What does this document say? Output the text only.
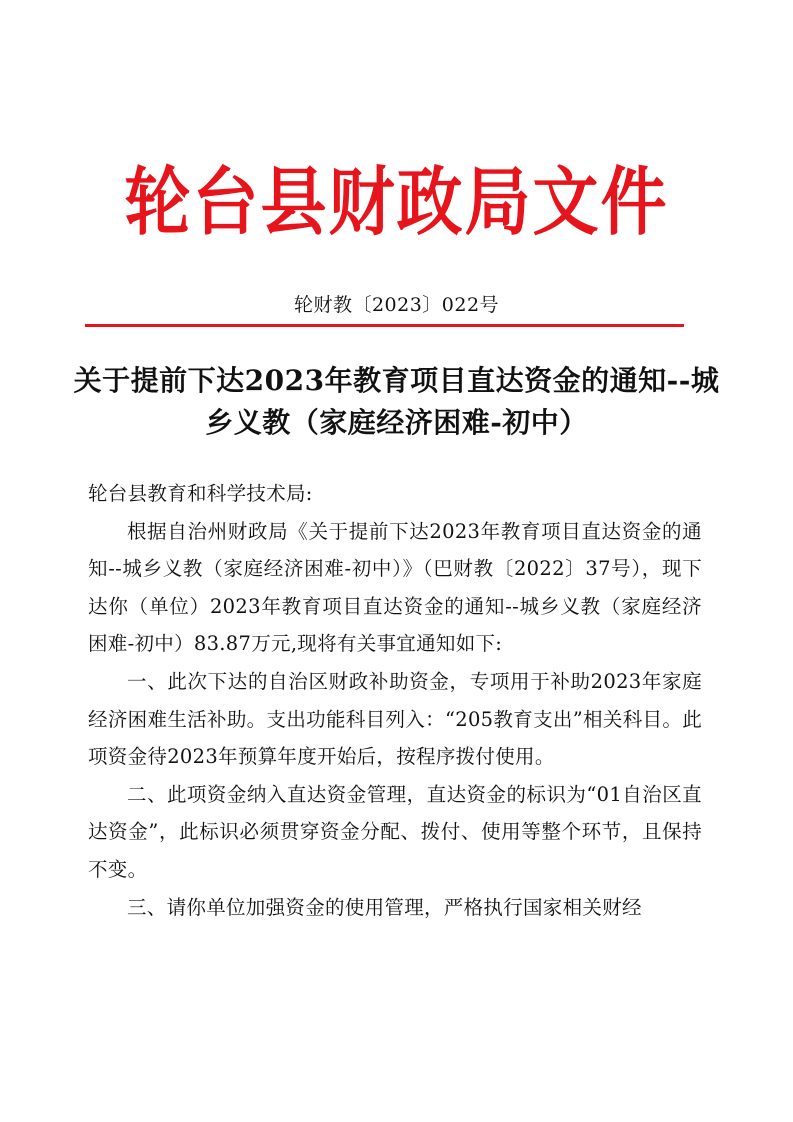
轮台县财政局文件
轮财教〔2023〕022号
关于提前下达2023年教育项目直达资金的通知--城乡义教（家庭经济困难-初中）

轮台县教育和科学技术局:

根据自治州财政局《关于提前下达2023年教育项目直达资金的通知--城乡义教（家庭经济困难-初中）》（巴财教〔2022〕37号），现下达你（单位）2023年教育项目直达资金的通知--城乡义教（家庭经济困难-初中）83.87万元,现将有关事宜通知如下:

一、此次下达的自治区财政补助资金，专项用于补助2023年家庭经济困难生活补助。支出功能科目列入：“205教育支出”相关科目。此项资金待2023年预算年度开始后，按程序拨付使用。

二、此项资金纳入直达资金管理，直达资金的标识为“01自治区直达资金”，此标识必须贯穿资金分配、拨付、使用等整个环节，且保持不变。

三、请你单位加强资金的使用管理，严格执行国家相关财经
